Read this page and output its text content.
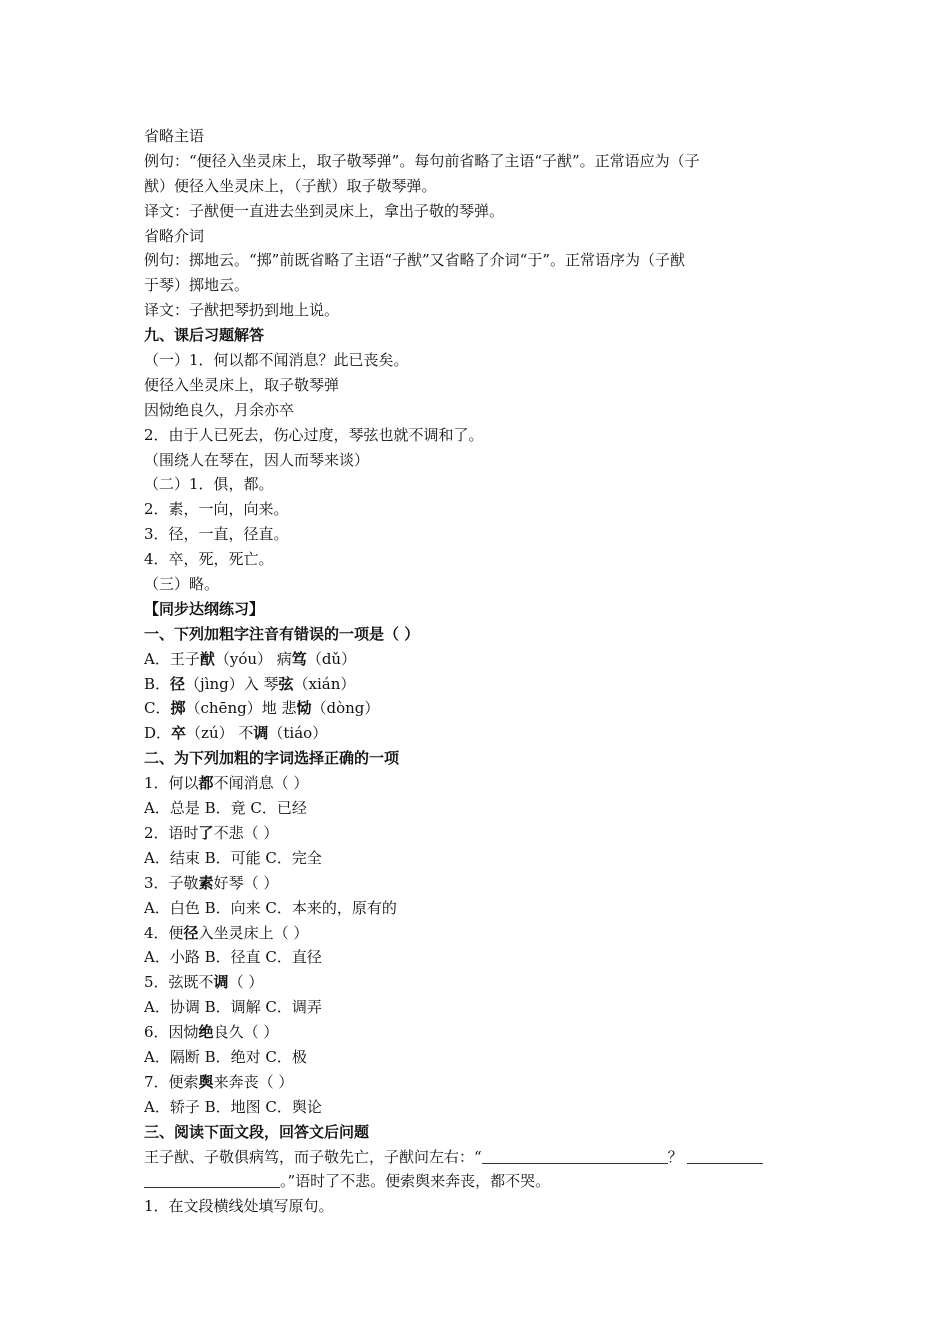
省略主语
例句：“便径入坐灵床上，取子敬琴弹”。每句前省略了主语“子猷”。正常语应为（子
猷）便径入坐灵床上，（子猷）取子敬琴弹。
译文：子猷便一直进去坐到灵床上，拿出子敬的琴弹。
省略介词
例句：掷地云。“掷”前既省略了主语“子猷”又省略了介词“于”。正常语序为（子猷
于琴）掷地云。
译文：子猷把琴扔到地上说。
九、课后习题解答
（一）1．何以都不闻消息？此已丧矣。
便径入坐灵床上，取子敬琴弹
因恸绝良久，月余亦卒
2．由于人已死去，伤心过度，琴弦也就不调和了。
（围绕人在琴在，因人而琴来谈）
（二）1．俱，都。
2．素，一向，向来。
3．径，一直，径直。
4．卒，死，死亡。
（三）略。
【同步达纲练习】
一、下列加粗字注音有错误的一项是（ ）
A．王子猷（yóu） 病笃（dǔ）
B．径（jìng）入 琴弦（xián）
C．掷（chēng）地 悲恸（dòng）
D．卒（zú） 不调（tiáo）
二、为下列加粗的字词选择正确的一项
1．何以都不闻消息（ ）
A．总是 B．竟 C．已经
2．语时了不悲（ ）
A．结束 B．可能 C．完全
3．子敬素好琴（ ）
A．白色 B．向来 C．本来的，原有的
4．便径入坐灵床上（ ）
A．小路 B．径直 C．直径
5．弦既不调（ ）
A．协调 B．调解 C．调弄
6．因恸绝良久（ ）
A．隔断 B．绝对 C．极
7．便索舆来奔丧（ ）
A．轿子 B．地图 C．舆论
三、阅读下面文段，回答文后问题
王子猷、子敬俱病笃，而子敬先亡，子猷问左右：“	？
。”语时了不悲。便索舆来奔丧，都不哭。
1．在文段横线处填写原句。
